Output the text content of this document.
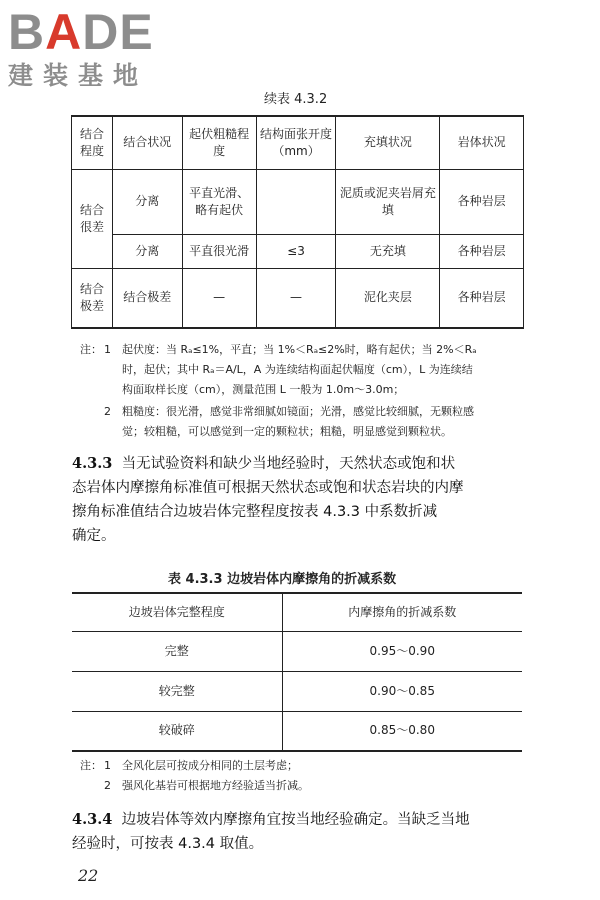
BADE
建装基地
续表 4.3.2
结合程度	结合状况	起伏粗糙程度	结构面张开度（mm）	充填状况	岩体状况
结合很差	分离	平直光滑、略有起伏		泥质或泥夹岩屑充填	各种岩层
	分离	平直很光滑	≤3	无充填	各种岩层
结合极差	结合极差	—	—	泥化夹层	各种岩层
注： 1 起伏度：当 Rₐ≤1%，平直；当 1%＜Rₐ≤2%时，略有起伏；当 2%＜Rₐ
时，起伏；其中 Rₐ＝A/L，A 为连续结构面起伏幅度（cm），L 为连续结
构面取样长度（cm），测量范围 L 一般为 1.0m～3.0m；
2 粗糙度：很光滑，感觉非常细腻如镜面；光滑，感觉比较细腻，无颗粒感
觉；较粗糙，可以感觉到一定的颗粒状；粗糙，明显感觉到颗粒状。
4.3.3 当无试验资料和缺少当地经验时，天然状态或饱和状
态岩体内摩擦角标准值可根据天然状态或饱和状态岩块的内摩
擦角标准值结合边坡岩体完整程度按表 4.3.3 中系数折减
确定。
表 4.3.3 边坡岩体内摩擦角的折减系数
边坡岩体完整程度	内摩擦角的折减系数
完整	0.95～0.90
较完整	0.90～0.85
较破碎	0.85～0.80
注： 1 全风化层可按成分相同的土层考虑；
2 强风化基岩可根据地方经验适当折减。
4.3.4 边坡岩体等效内摩擦角宜按当地经验确定。当缺乏当地
经验时，可按表 4.3.4 取值。
22
